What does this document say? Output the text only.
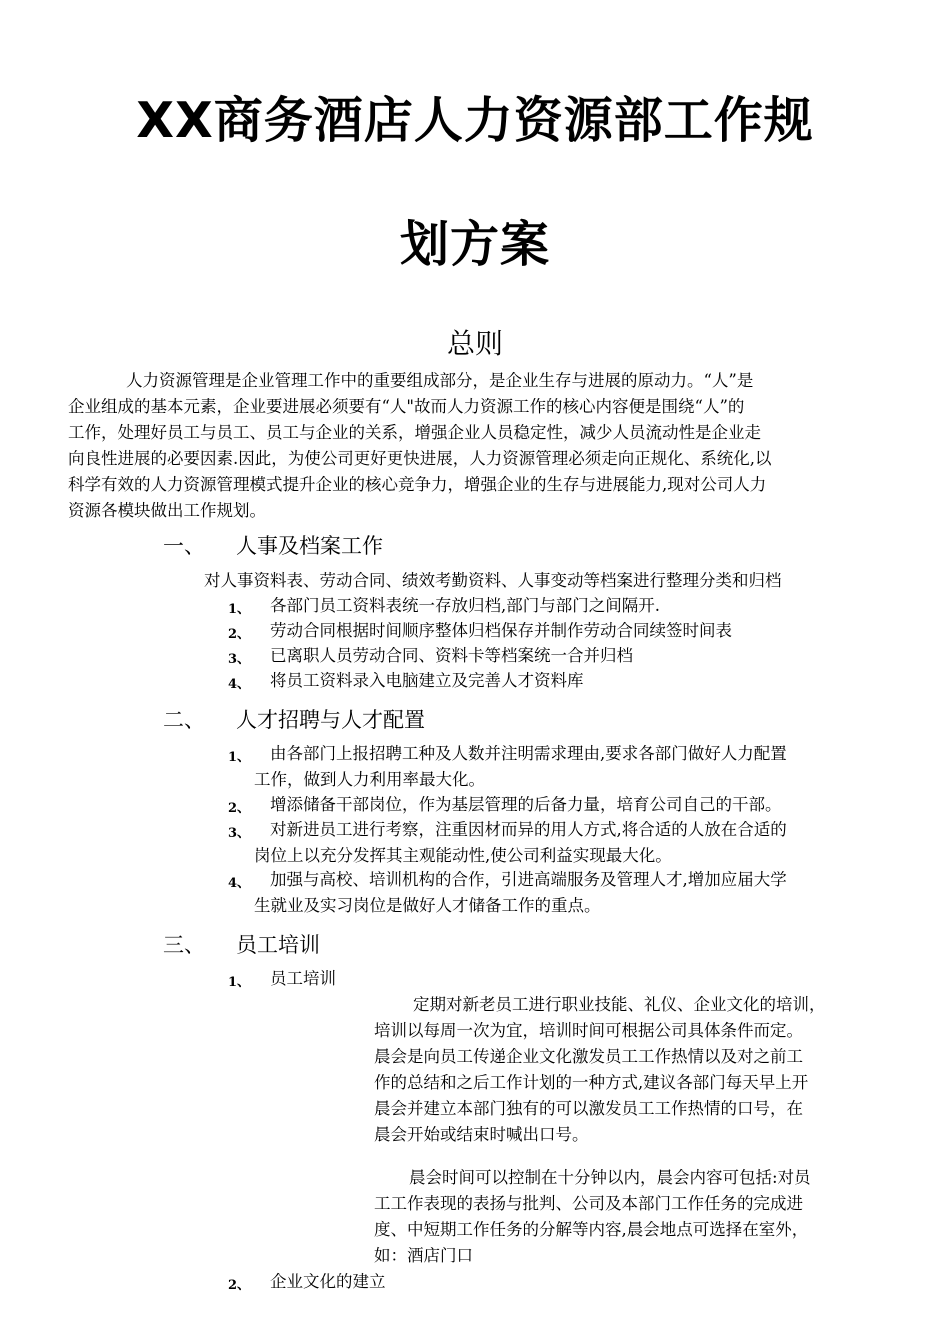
XX商务酒店人力资源部工作规
划方案
总则
人力资源管理是企业管理工作中的重要组成部分，是企业生存与进展的原动力。“人”是
企业组成的基本元素，企业要进展必须要有“人"故而人力资源工作的核心内容便是围绕“人”的
工作，处理好员工与员工、员工与企业的关系，增强企业人员稳定性，减少人员流动性是企业走
向良性进展的必要因素.因此，为使公司更好更快进展，人力资源管理必须走向正规化、系统化,以
科学有效的人力资源管理模式提升企业的核心竞争力，增强企业的生存与进展能力,现对公司人力
资源各模块做出工作规划。
一、 人事及档案工作
对人事资料表、劳动合同、绩效考勤资料、人事变动等档案进行整理分类和归档
1、 各部门员工资料表统一存放归档,部门与部门之间隔开.
2、 劳动合同根据时间顺序整体归档保存并制作劳动合同续签时间表
3、 已离职人员劳动合同、资料卡等档案统一合并归档
4、 将员工资料录入电脑建立及完善人才资料库
二、 人才招聘与人才配置
1、 由各部门上报招聘工种及人数并注明需求理由,要求各部门做好人力配置
工作，做到人力利用率最大化。
2、 增添储备干部岗位，作为基层管理的后备力量，培育公司自己的干部。
3、 对新进员工进行考察，注重因材而异的用人方式,将合适的人放在合适的
岗位上以充分发挥其主观能动性,使公司利益实现最大化。
4、 加强与高校、培训机构的合作，引进高端服务及管理人才,增加应届大学
生就业及实习岗位是做好人才储备工作的重点。
三、 员工培训
1、 员工培训
定期对新老员工进行职业技能、礼仪、企业文化的培训，
培训以每周一次为宜，培训时间可根据公司具体条件而定。
晨会是向员工传递企业文化激发员工工作热情以及对之前工
作的总结和之后工作计划的一种方式,建议各部门每天早上开
晨会并建立本部门独有的可以激发员工工作热情的口号，在
晨会开始或结束时喊出口号。
晨会时间可以控制在十分钟以内，晨会内容可包括:对员
工工作表现的表扬与批判、公司及本部门工作任务的完成进
度、中短期工作任务的分解等内容,晨会地点可选择在室外，
如：酒店门口
2、 企业文化的建立
